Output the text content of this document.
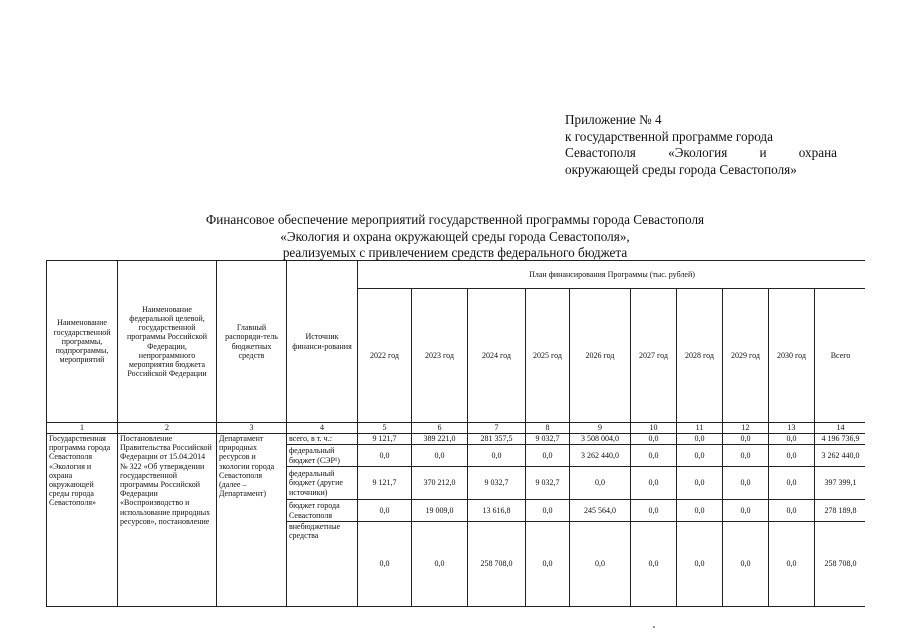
Приложение № 4
к государственной программе города
Севастополя «Экология и охрана
окружающей среды города Севастополя»
Финансовое обеспечение мероприятий государственной программы города Севастополя
«Экология и охрана окружающей среды города Севастополя»,
реализуемых с привлечением средств федерального бюджета
Наименование государственной программы, подпрограммы, мероприятий	Наименование федеральной целевой, государственной программы Российской Федерации, непрограммного мероприятия бюджета Российской Федерации	Главный распоряди-тель бюджетных средств	Источник финанси-рования	План финансирования Программы (тыс. рублей)									
				2022 год	2023 год	2024 год	2025 год	2026 год	2027 год	2028 год	2029 год	2030 год	Всего
1	2	3	4	5	6	7	8	9	10	11	12	13	14
Государственная программа города Севастополя «Экология и охрана окружающей среды города Севастополя»	Постановление Правительства Российской Федерации от 15.04.2014 № 322 «Об утверждении государственной программы Российской Федерации «Воспроизводство и использование природных ресурсов», постановление	Департамент природных ресурсов и экологии города Севастополя (далее – Департамент)	всего, в т. ч.:	9 121,7	389 221,0	281 357,5	9 032,7	3 508 004,0	0,0	0,0	0,0	0,0	4 196 736,9
			федеральный бюджет (СЭР¹)	0,0	0,0	0,0	0,0	3 262 440,0	0,0	0,0	0,0	0,0	3 262 440,0
			федеральный бюджет (другие источники)	9 121,7	370 212,0	9 032,7	9 032,7	0,0	0,0	0,0	0,0	0,0	397 399,1
			бюджет города Севастополя	0,0	19 009,0	13 616,8	0,0	245 564,0	0,0	0,0	0,0	0,0	278 189,8
			внебюджетные средства	0,0	0,0	258 708,0	0,0	0,0	0,0	0,0	0,0	0,0	258 708,0
